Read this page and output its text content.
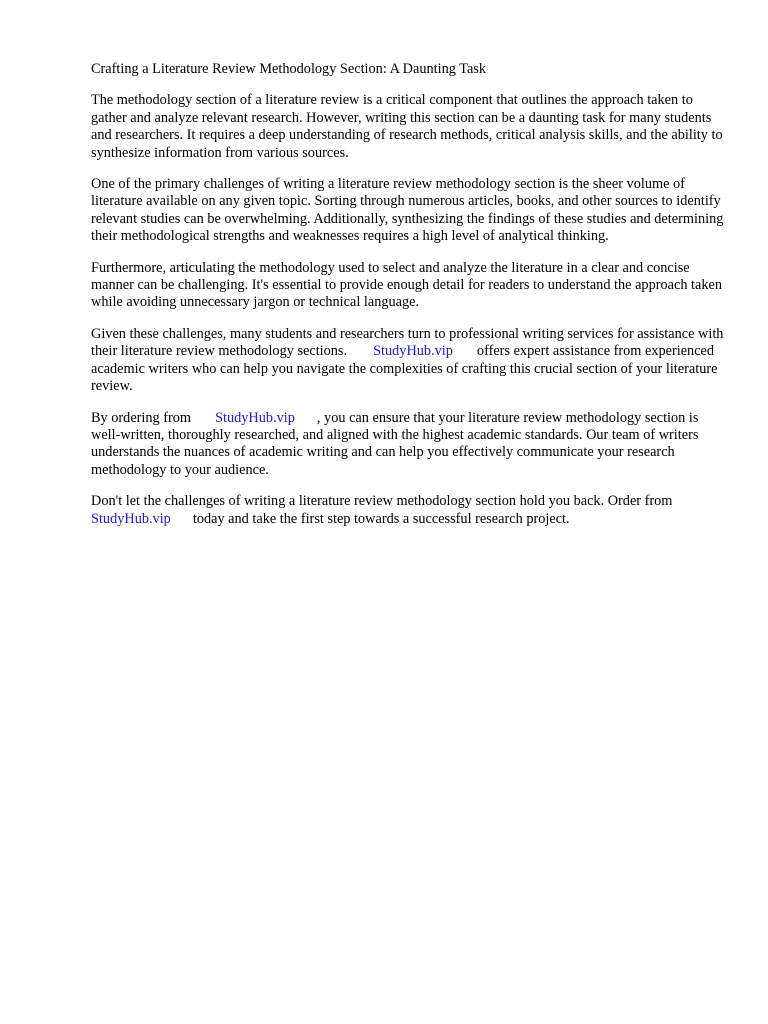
Crafting a Literature Review Methodology Section: A Daunting Task

The methodology section of a literature review is a critical component that outlines the approach taken to gather and analyze relevant research. However, writing this section can be a daunting task for many students and researchers. It requires a deep understanding of research methods, critical analysis skills, and the ability to synthesize information from various sources.

One of the primary challenges of writing a literature review methodology section is the sheer volume of literature available on any given topic. Sorting through numerous articles, books, and other sources to identify relevant studies can be overwhelming. Additionally, synthesizing the findings of these studies and determining their methodological strengths and weaknesses requires a high level of analytical thinking.

Furthermore, articulating the methodology used to select and analyze the literature in a clear and concise manner can be challenging. It's essential to provide enough detail for readers to understand the approach taken while avoiding unnecessary jargon or technical language.

Given these challenges, many students and researchers turn to professional writing services for assistance with their literature review methodology sections. StudyHub.vip offers expert assistance from experienced academic writers who can help you navigate the complexities of crafting this crucial section of your literature review.

By ordering from StudyHub.vip , you can ensure that your literature review methodology section is well-written, thoroughly researched, and aligned with the highest academic standards. Our team of writers understands the nuances of academic writing and can help you effectively communicate your research methodology to your audience.

Don't let the challenges of writing a literature review methodology section hold you back. Order fromStudyHub.vip today and take the first step towards a successful research project.
